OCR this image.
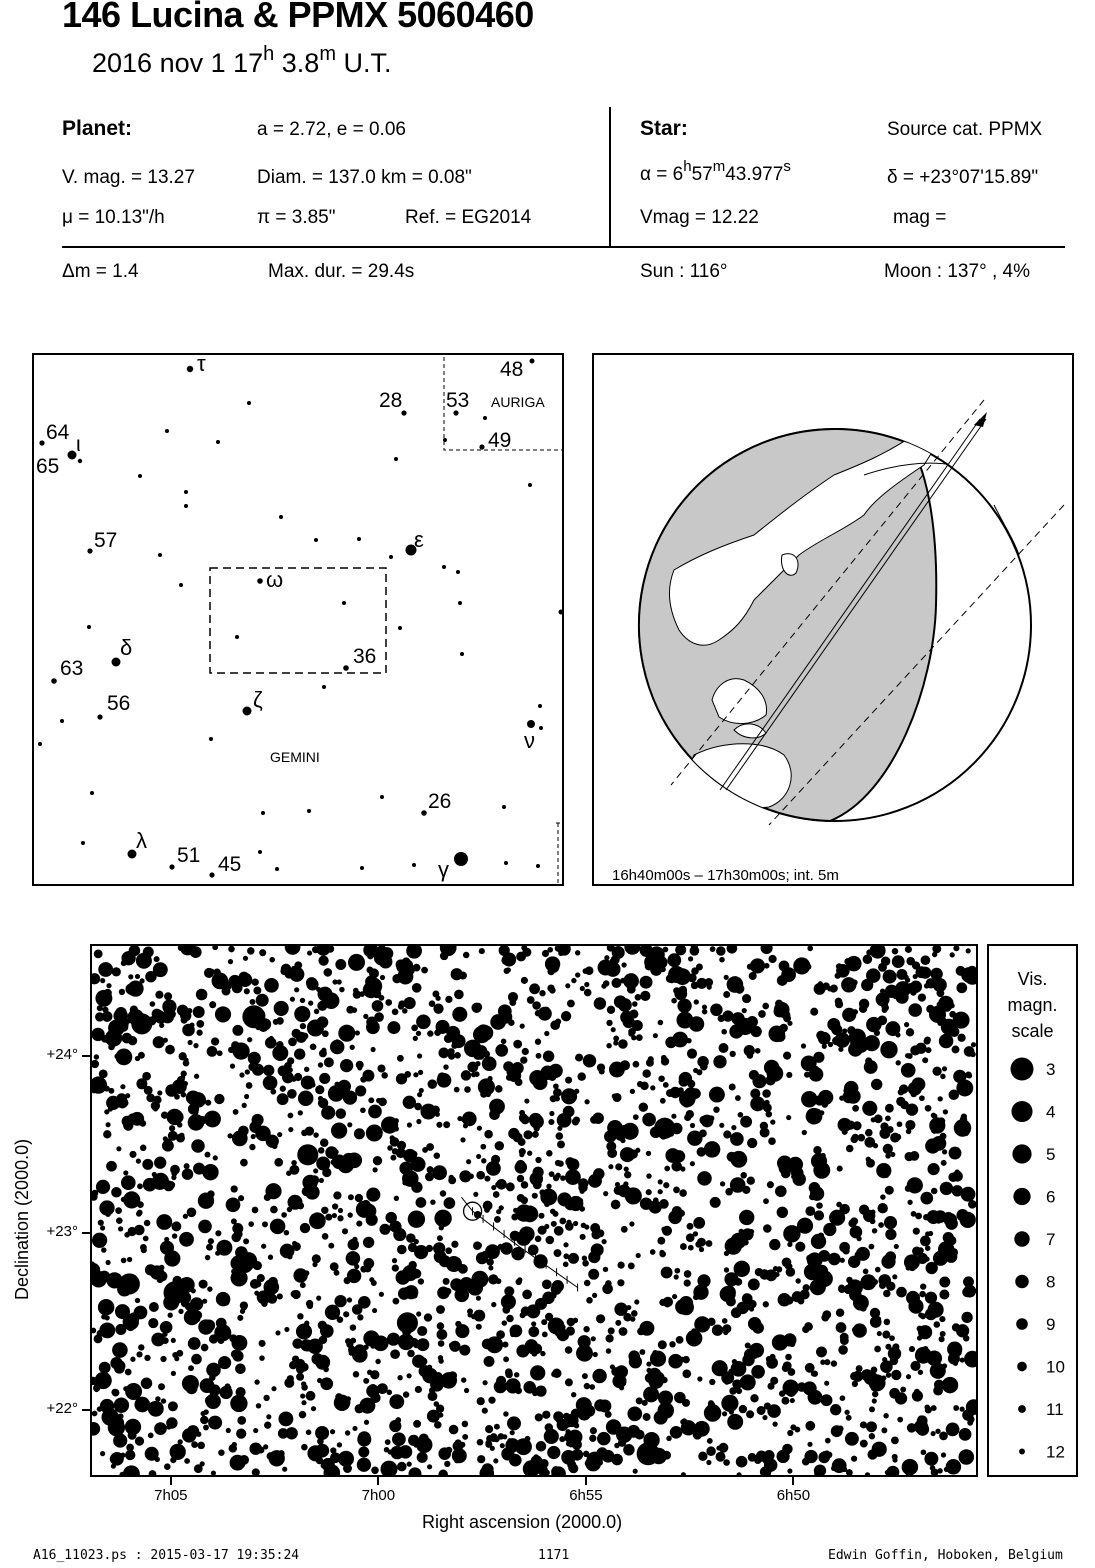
146 Lucina & PPMX 5060460
2016 nov 1 17$^h$ 3.8$^m$ U.T.
Planet:	a = 2.72, e = 0.06
V. mag. = 13.27	Diam. = 137.0 km = 0.08"
μ = 10.13"/h	π = 3.85"	Ref. = EG2014
Star:	Source cat. PPMX
$\alpha = 6^h57^m43.977^s$
δ = +23°07'15.89"
Vmag = 12.22	mag =
Δm = 1.4	Max. dur. = 29.4s	Sun : 116°	Moon : 137° , 4%
τ	48
28 53
64
ι	49
65
57	ε
ω
δ
63
36
56	ζ
ν
26
λ
51 45	γ
AURIGA
GEMINI
16h40m00s – 17h30m00s; int. 5m
7h05	7h00	6h55	6h50
+24°
+23°
+22°
Right ascension (2000.0)
Declination (2000.0)
Vis.
magn.
scale
3
4
5
6
7
8
9
10
11
12
A16_11023.ps : 2015-03-17 19:35:24	1171	Edwin Goffin, Hoboken, Belgium
